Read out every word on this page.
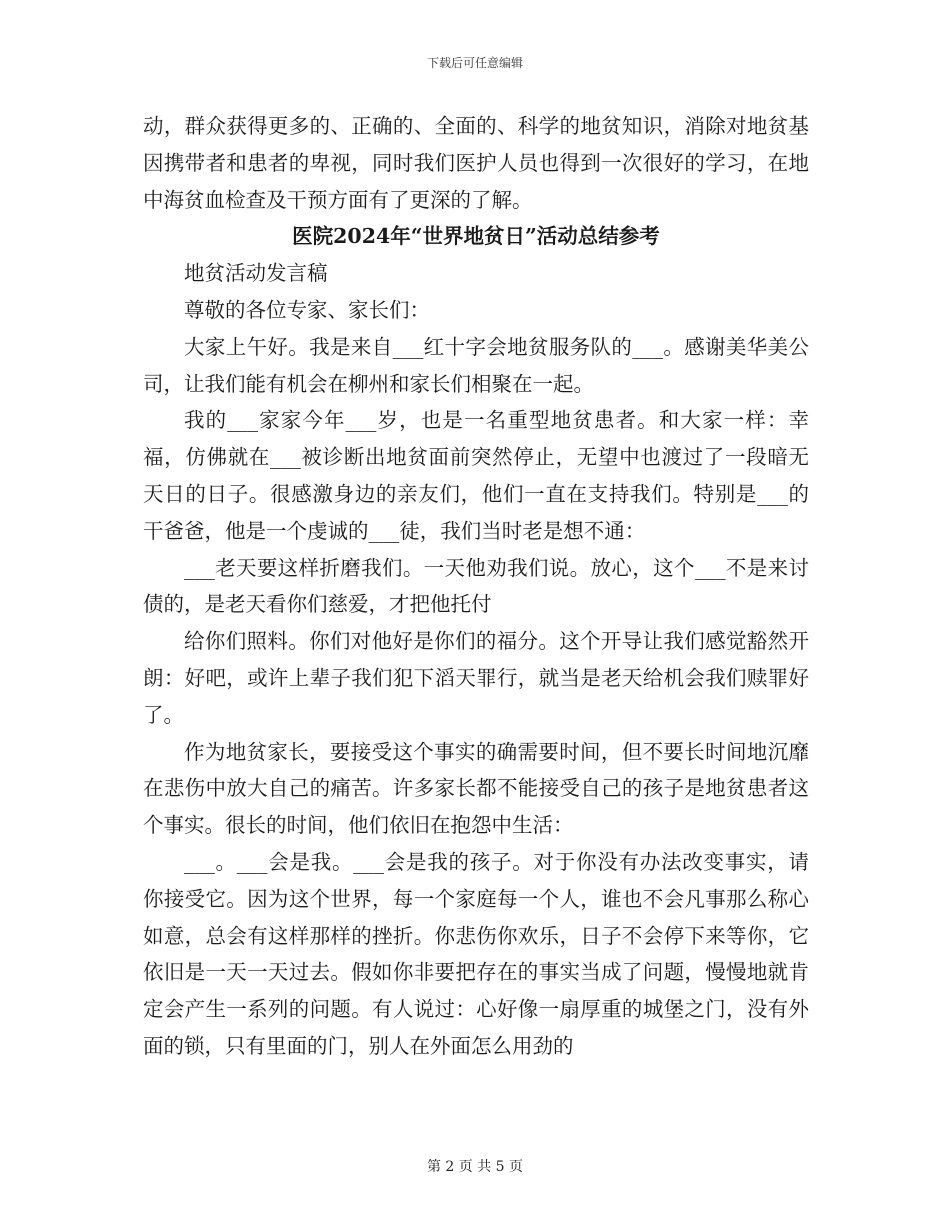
下载后可任意编辑

动，群众获得更多的、正确的、全面的、科学的地贫知识，消除对地贫基因携带者和患者的卑视，同时我们医护人员也得到一次很好的学习，在地中海贫血检查及干预方面有了更深的了解。

医院2024年“世界地贫日”活动总结参考

地贫活动发言稿

尊敬的各位专家、家长们：

大家上午好。我是来自___红十字会地贫服务队的___。感谢美华美公司，让我们能有机会在柳州和家长们相聚在一起。

我的___家家今年___岁，也是一名重型地贫患者。和大家一样：幸福，仿佛就在___被诊断出地贫面前突然停止，无望中也渡过了一段暗无天日的日子。很感激身边的亲友们，他们一直在支持我们。特别是___的干爸爸，他是一个虔诚的___徒，我们当时老是想不通：

___老天要这样折磨我们。一天他劝我们说。放心，这个___不是来讨债的，是老天看你们慈爱，才把他托付

给你们照料。你们对他好是你们的福分。这个开导让我们感觉豁然开朗：好吧，或许上辈子我们犯下滔天罪行，就当是老天给机会我们赎罪好了。

作为地贫家长，要接受这个事实的确需要时间，但不要长时间地沉靡在悲伤中放大自己的痛苦。许多家长都不能接受自己的孩子是地贫患者这个事实。很长的时间，他们依旧在抱怨中生活：

___。___会是我。___会是我的孩子。对于你没有办法改变事实，请你接受它。因为这个世界，每一个家庭每一个人，谁也不会凡事那么称心如意，总会有这样那样的挫折。你悲伤你欢乐，日子不会停下来等你，它依旧是一天一天过去。假如你非要把存在的事实当成了问题，慢慢地就肯定会产生一系列的问题。有人说过：心好像一扇厚重的城堡之门，没有外面的锁，只有里面的门，别人在外面怎么用劲的

第 2 页 共 5 页
